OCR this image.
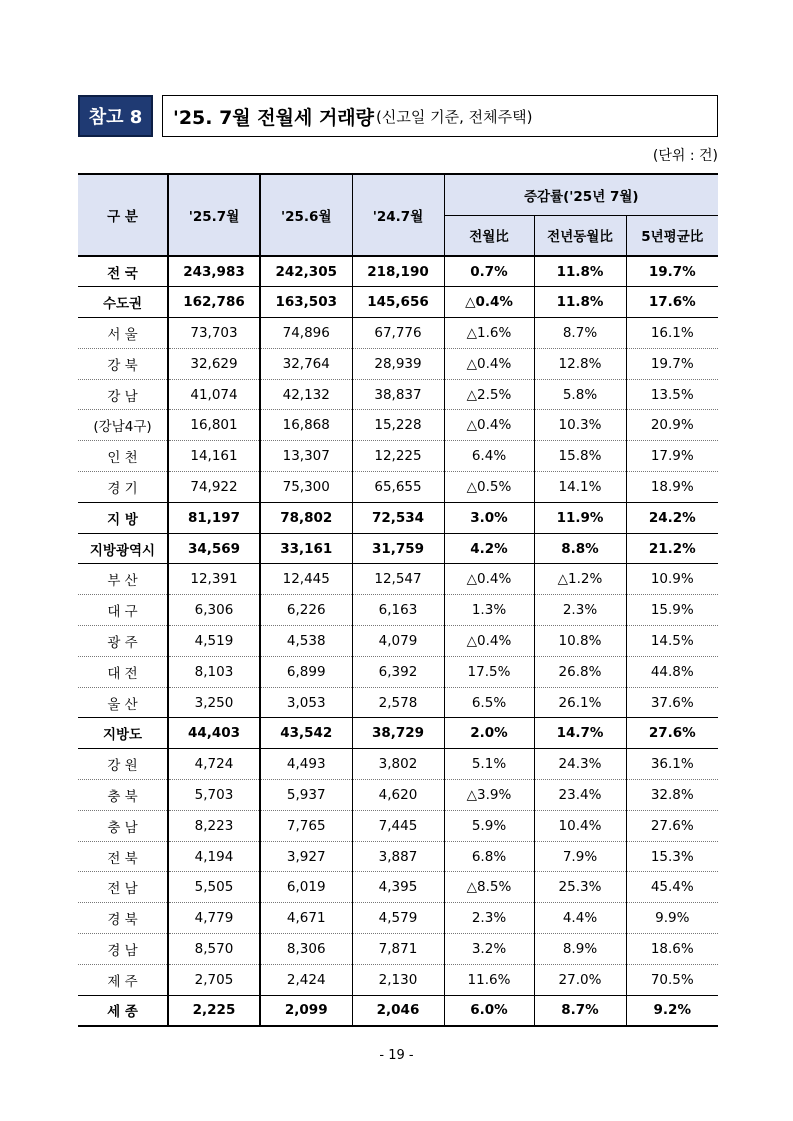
참고 8	'25. 7월 전월세 거래량 (신고일 기준, 전체주택)
(단위 : 건)
구 분	'25.7월	'25.6월	'24.7월	증감률('25년 7월)		
				전월比	전년동월比	5년평균比
전 국	243,983	242,305	218,190	0.7%	11.8%	19.7%
수도권	162,786	163,503	145,656	△0.4%	11.8%	17.6%
서 울	73,703	74,896	67,776	△1.6%	8.7%	16.1%
강 북	32,629	32,764	28,939	△0.4%	12.8%	19.7%
강 남	41,074	42,132	38,837	△2.5%	5.8%	13.5%
(강남4구)	16,801	16,868	15,228	△0.4%	10.3%	20.9%
인 천	14,161	13,307	12,225	6.4%	15.8%	17.9%
경 기	74,922	75,300	65,655	△0.5%	14.1%	18.9%
지 방	81,197	78,802	72,534	3.0%	11.9%	24.2%
지방광역시	34,569	33,161	31,759	4.2%	8.8%	21.2%
부 산	12,391	12,445	12,547	△0.4%	△1.2%	10.9%
대 구	6,306	6,226	6,163	1.3%	2.3%	15.9%
광 주	4,519	4,538	4,079	△0.4%	10.8%	14.5%
대 전	8,103	6,899	6,392	17.5%	26.8%	44.8%
울 산	3,250	3,053	2,578	6.5%	26.1%	37.6%
지방도	44,403	43,542	38,729	2.0%	14.7%	27.6%
강 원	4,724	4,493	3,802	5.1%	24.3%	36.1%
충 북	5,703	5,937	4,620	△3.9%	23.4%	32.8%
충 남	8,223	7,765	7,445	5.9%	10.4%	27.6%
전 북	4,194	3,927	3,887	6.8%	7.9%	15.3%
전 남	5,505	6,019	4,395	△8.5%	25.3%	45.4%
경 북	4,779	4,671	4,579	2.3%	4.4%	9.9%
경 남	8,570	8,306	7,871	3.2%	8.9%	18.6%
제 주	2,705	2,424	2,130	11.6%	27.0%	70.5%
세 종	2,225	2,099	2,046	6.0%	8.7%	9.2%
- 19 -
